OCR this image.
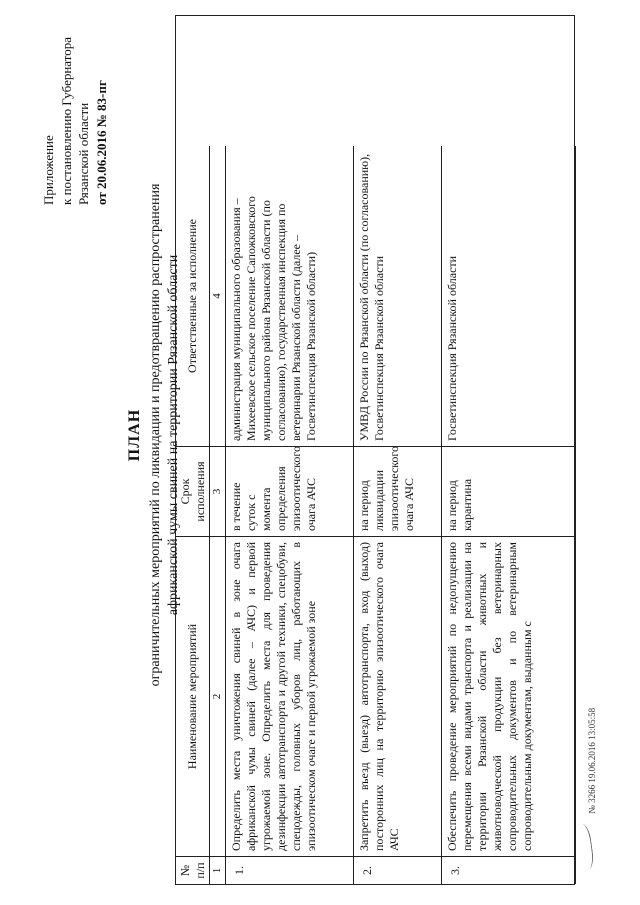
Приложение к постановлению Губернатора Рязанской области от 20.06.2016 № 83-пг
ПЛАН ограничительных мероприятий по ликвидации и предотвращению распространения африканской чумы свиней на территории Рязанской области
№ п/п
Наименование мероприятий
Срок исполнения
Ответственные за исполнение
1
2
3
4
1.
Определить места уничтожения свиней в зоне очага африканской чумы свиней (далее – АЧС) и первой угрожаемой зоне. Определить места для проведения дезинфекции автотранспорта и другой техники, спецобуви, спецодежды, головных уборов лиц, работающих в эпизоотическом очаге и первой угрожаемой зоне
в течение суток с момента определения эпизоотического очага АЧС
администрация муниципального образования – Михеевское сельское поселение Сапожковского муниципального района Рязанской области (по согласованию), государственная инспекция по ветеринарии Рязанской области (далее – Госветинспекция Рязанской области)
2.
Запретить въезд (выезд) автотранспорта, вход (выход) посторонних лиц на территорию эпизоотического очага АЧС
на период ликвидации эпизоотического очага АЧС
УМВД России по Рязанской области (по согласованию), Госветинспекция Рязанской области
3.
Обеспечить проведение мероприятий по недопущению перемещения всеми видами транспорта и реализации на территории Рязанской области животных и животноводческой продукции без ветеринарных сопроводительных документов и по ветеринарным сопроводительным документам, выданным с
на период карантина
Госветинспекция Рязанской области
№ 3266 19.06.2016 13:05:58
